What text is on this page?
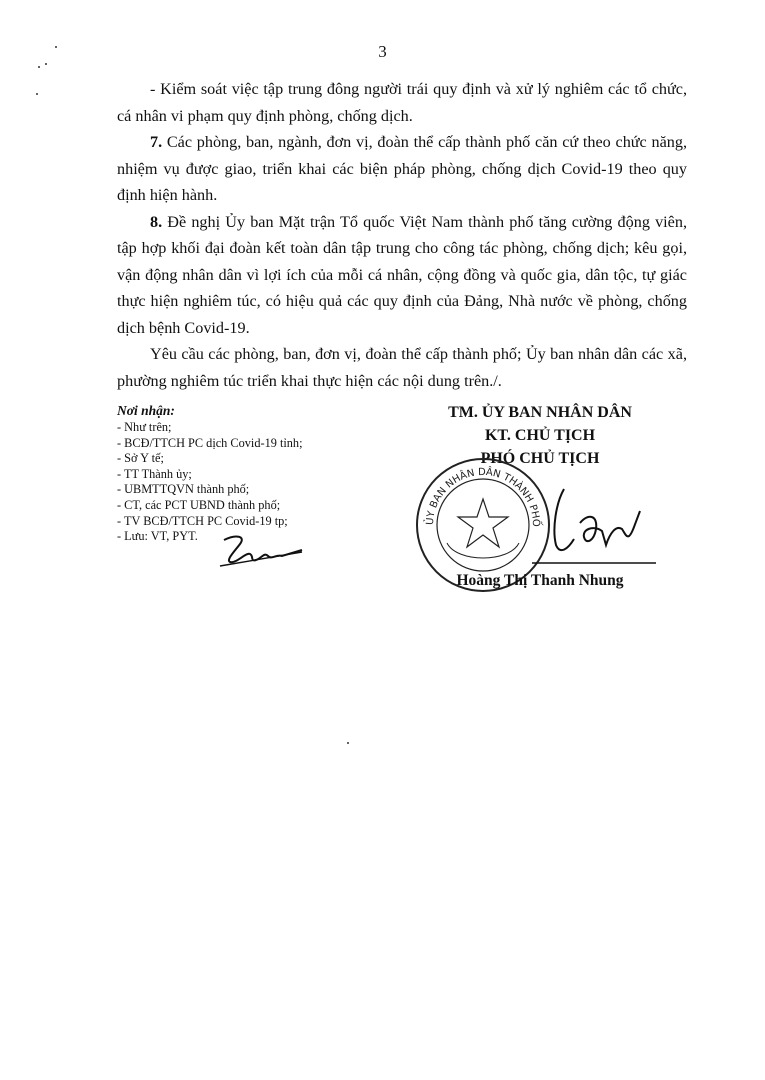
3

- Kiểm soát việc tập trung đông người trái quy định và xử lý nghiêm các tổ chức, cá nhân vi phạm quy định phòng, chống dịch.

7. Các phòng, ban, ngành, đơn vị, đoàn thể cấp thành phố căn cứ theo chức năng, nhiệm vụ được giao, triển khai các biện pháp phòng, chống dịch Covid-19 theo quy định hiện hành.

8. Đề nghị Ủy ban Mặt trận Tổ quốc Việt Nam thành phố tăng cường động viên, tập hợp khối đại đoàn kết toàn dân tập trung cho công tác phòng, chống dịch; kêu gọi, vận động nhân dân vì lợi ích của mỗi cá nhân, cộng đồng và quốc gia, dân tộc, tự giác thực hiện nghiêm túc, có hiệu quả các quy định của Đảng, Nhà nước về phòng, chống dịch bệnh Covid-19.

Yêu cầu các phòng, ban, đơn vị, đoàn thể cấp thành phố; Ủy ban nhân dân các xã, phường nghiêm túc triển khai thực hiện các nội dung trên./.

Nơi nhận:
- Như trên;
- BCĐ/TTCH PC dịch Covid-19 tỉnh;
- Sở Y tế;
- TT Thành ủy;
- UBMTTQVN thành phố;
- CT, các PCT UBND thành phố;
- TV BCĐ/TTCH PC Covid-19 tp;
- Lưu: VT, PYT.
TM. ỦY BAN NHÂN DÂN
KT. CHỦ TỊCH
PHÓ CHỦ TỊCH
ỦY BAN NHÂN DÂN THÀNH PHỐ
Hoàng Thị Thanh Nhung
